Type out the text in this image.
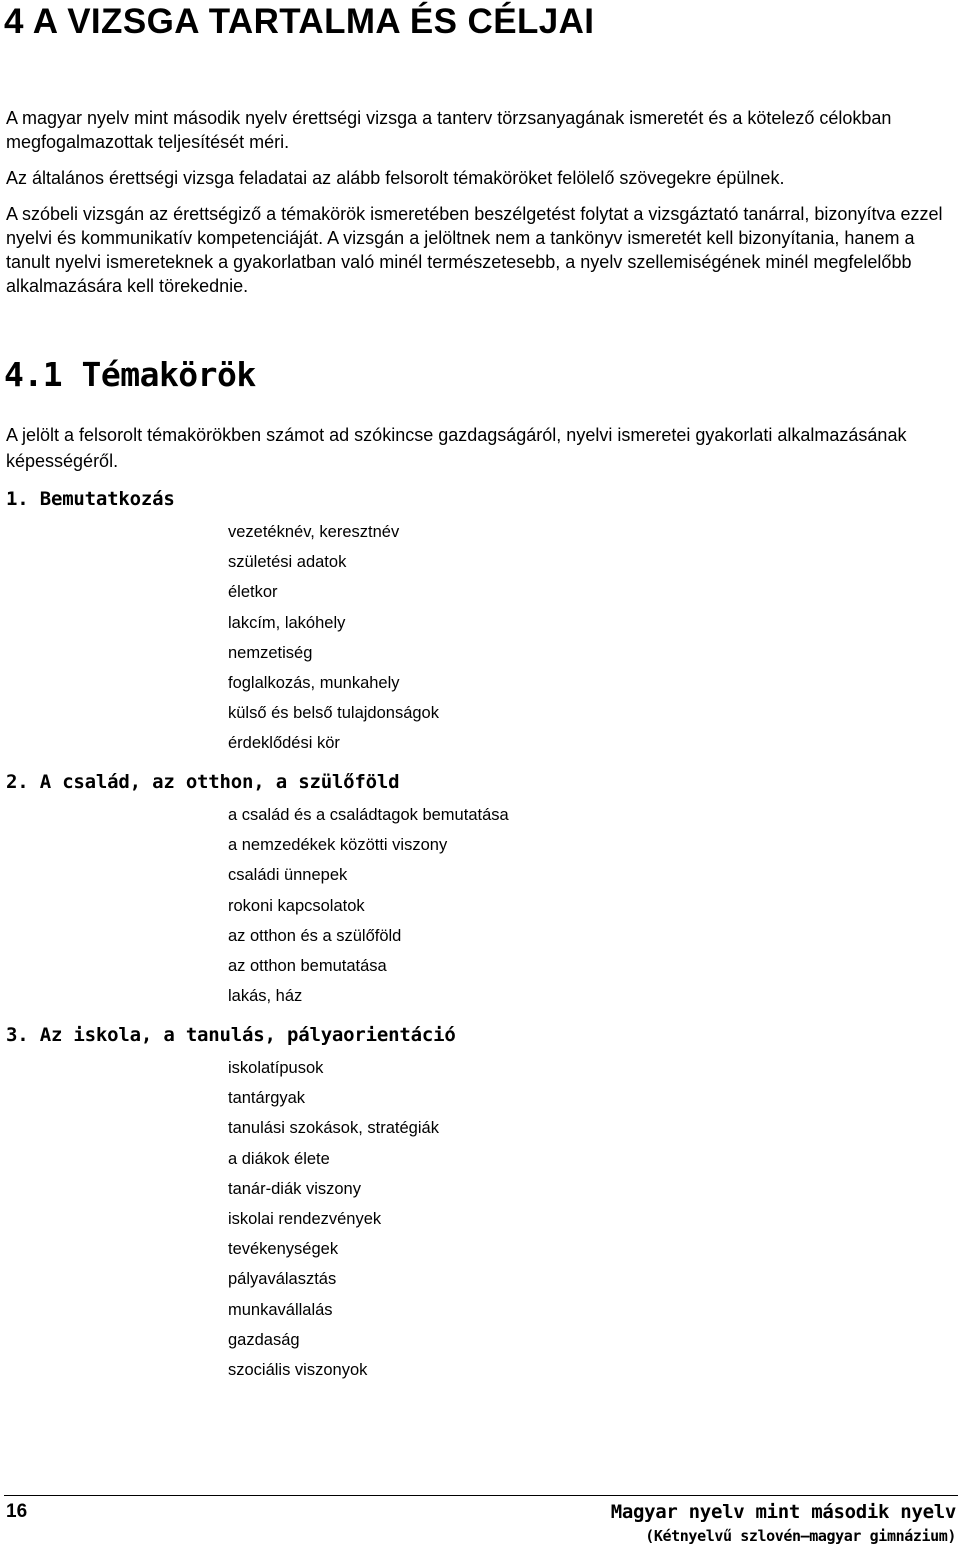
4 A VIZSGA TARTALMA ÉS CÉLJAI

A magyar nyelv mint második nyelv érettségi vizsga a tanterv törzsanyagának ismeretét és a kötelező célokban megfogalmazottak teljesítését méri.

Az általános érettségi vizsga feladatai az alább felsorolt témaköröket felölelő szövegekre épülnek.

A szóbeli vizsgán az érettségiző a témakörök ismeretében beszélgetést folytat a vizsgáztató tanárral, bizonyítva ezzel nyelvi és kommunikatív kompetenciáját. A vizsgán a jelöltnek nem a tankönyv ismeretét kell bizonyítania, hanem a tanult nyelvi ismereteknek a gyakorlatban való minél természetesebb, a nyelv szellemiségének minél megfelelőbb alkalmazására kell törekednie.

4.1 Témakörök

A jelölt a felsorolt témakörökben számot ad szókincse gazdagságáról, nyelvi ismeretei gyakorlati alkalmazásának képességéről.

1. Bemutatkozás
vezetéknév, keresztnév
születési adatok
életkor
lakcím, lakóhely
nemzetiség
foglalkozás, munkahely
külső és belső tulajdonságok
érdeklődési kör
2. A család, az otthon, a szülőföld
a család és a családtagok bemutatása
a nemzedékek közötti viszony
családi ünnepek
rokoni kapcsolatok
az otthon és a szülőföld
az otthon bemutatása
lakás, ház
3. Az iskola, a tanulás, pályaorientáció
iskolatípusok
tantárgyak
tanulási szokások, stratégiák
a diákok élete
tanár-diák viszony
iskolai rendezvények
tevékenységek
pályaválasztás
munkavállalás
gazdaság
szociális viszonyok
16	Magyar nyelv mint második nyelv
(Kétnyelvű szlovén–magyar gimnázium)
